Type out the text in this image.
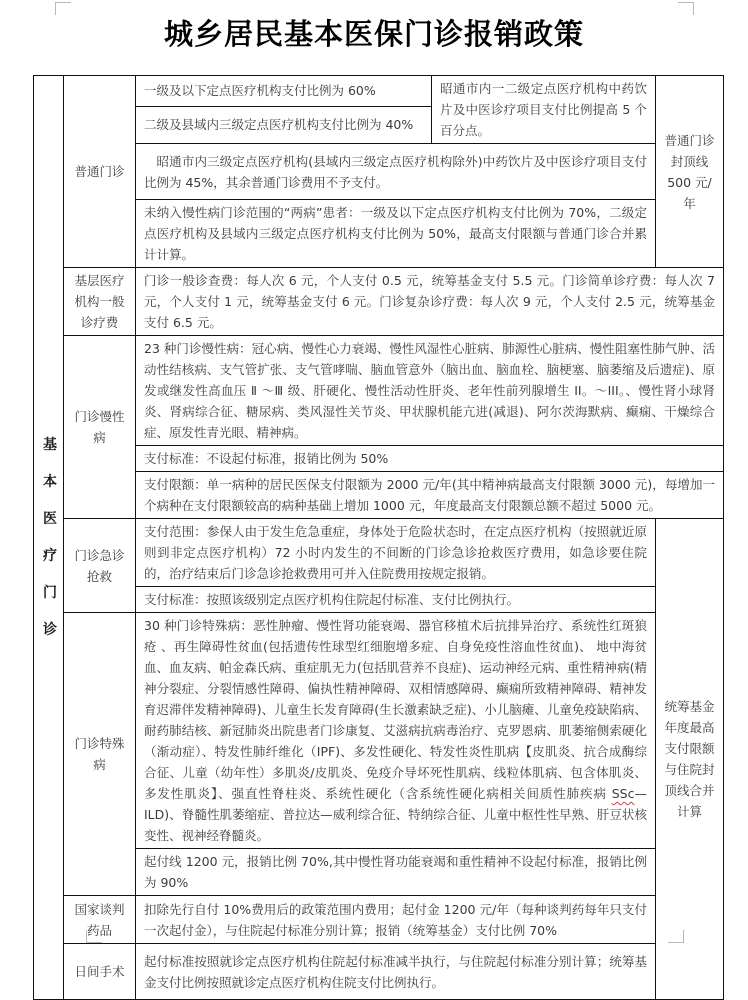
城乡居民基本医保门诊报销政策
基本医疗门诊	普通门诊	一级及以下定点医疗机构支付比例为 60%	昭通市内一二级定点医疗机构中药饮片及中医诊疗项目支付比例提高 5 个百分点。	普通门诊封顶线 500 元/年
		二级及县域内三级定点医疗机构支付比例为 40%		
		昭通市内三级定点医疗机构(县域内三级定点医疗机构除外)中药饮片及中医诊疗项目支付比例为 45%，其余普通门诊费用不予支付。		
		未纳入慢性病门诊范围的“两病”患者：一级及以下定点医疗机构支付比例为 70%，二级定点医疗机构及县域内三级定点医疗机构支付比例为 50%，最高支付限额与普通门诊合并累计计算。		
	基层医疗机构一般诊疗费	门诊一般诊查费：每人次 6 元，个人支付 0.5 元，统筹基金支付 5.5 元。门诊简单诊疗费：每人次 7 元，个人支付 1 元，统筹基金支付 6 元。门诊复杂诊疗费：每人次 9 元，个人支付 2.5 元，统筹基金支付 6.5 元。		
	门诊慢性病	23 种门诊慢性病：冠心病、慢性心力衰竭、慢性风湿性心脏病、肺源性心脏病、慢性阻塞性肺气肿、活动性结核病、支气管扩张、支气管哮喘、脑血管意外（脑出血、脑血栓、脑梗塞、脑萎缩及后遗症)、原发或继发性高血压 Ⅱ ～Ⅲ 级、肝硬化、慢性活动性肝炎、老年性前列腺增生 II。～III。、慢性肾小球肾炎、肾病综合征、糖尿病、类风湿性关节炎、甲状腺机能亢进(减退)、阿尔茨海默病、癫痫、干燥综合症、原发性青光眼、精神病。		
		支付标准：不设起付标准，报销比例为 50%		
		支付限额：单一病种的居民医保支付限额为 2000 元/年(其中精神病最高支付限额 3000 元)，每增加一个病种在支付限额较高的病种基础上增加 1000 元，年度最高支付限额总额不超过 5000 元。		
	门诊急诊抢救	支付范围：参保人由于发生危急重症，身体处于危险状态时，在定点医疗机构（按照就近原则到非定点医疗机构）72 小时内发生的不间断的门诊急诊抢救医疗费用，如急诊要住院的，治疗结束后门诊急诊抢救费用可并入住院费用按规定报销。		统筹基金年度最高支付限额与住院封顶线合并计算
		支付标准：按照该级别定点医疗机构住院起付标准、支付比例执行。		
	门诊特殊病	30 种门诊特殊病：恶性肿瘤、慢性肾功能衰竭、器官移植术后抗排异治疗、系统性红斑狼疮 、再生障碍性贫血(包括遗传性球型红细胞增多症、自身免疫性溶血性贫血)、 地中海贫血、血友病、帕金森氏病、重症肌无力(包括肌营养不良症)、运动神经元病、重性精神病(精神分裂症、分裂情感性障碍、偏执性精神障碍、双相情感障碍、癫痫所致精神障碍、精神发育迟滞伴发精神障碍)、儿童生长发育障碍(生长激素缺乏症)、小儿脑瘫、儿童免疫缺陷病、耐药肺结核、新冠肺炎出院患者门诊康复、艾滋病抗病毒治疗、克罗恩病、肌萎缩侧索硬化（渐动症）、特发性肺纤维化（IPF)、多发性硬化、特发性炎性肌病【皮肌炎、抗合成酶综合征、儿童（幼年性）多肌炎/皮肌炎、免疫介导坏死性肌病、线粒体肌病、包含体肌炎、多发性肌炎】、强直性脊柱炎、系统性硬化（含系统性硬化病相关间质性肺疾病 SSc—ILD)、脊髓性肌萎缩症、普拉达—威利综合征、特纳综合征、儿童中枢性性早熟、肝豆状核变性、视神经脊髓炎。		
		起付线 1200 元，报销比例 70%,其中慢性肾功能衰竭和重性精神不设起付标准，报销比例为 90%		
	国家谈判药品	扣除先行自付 10%费用后的政策范围内费用；起付金 1200 元/年（每种谈判药每年只支付一次起付金），与住院起付标准分别计算；报销（统筹基金）支付比例 70%		
	日间手术	起付标准按照就诊定点医疗机构住院起付标准减半执行，与住院起付标准分别计算；统筹基金支付比例按照就诊定点医疗机构住院支付比例执行。		
